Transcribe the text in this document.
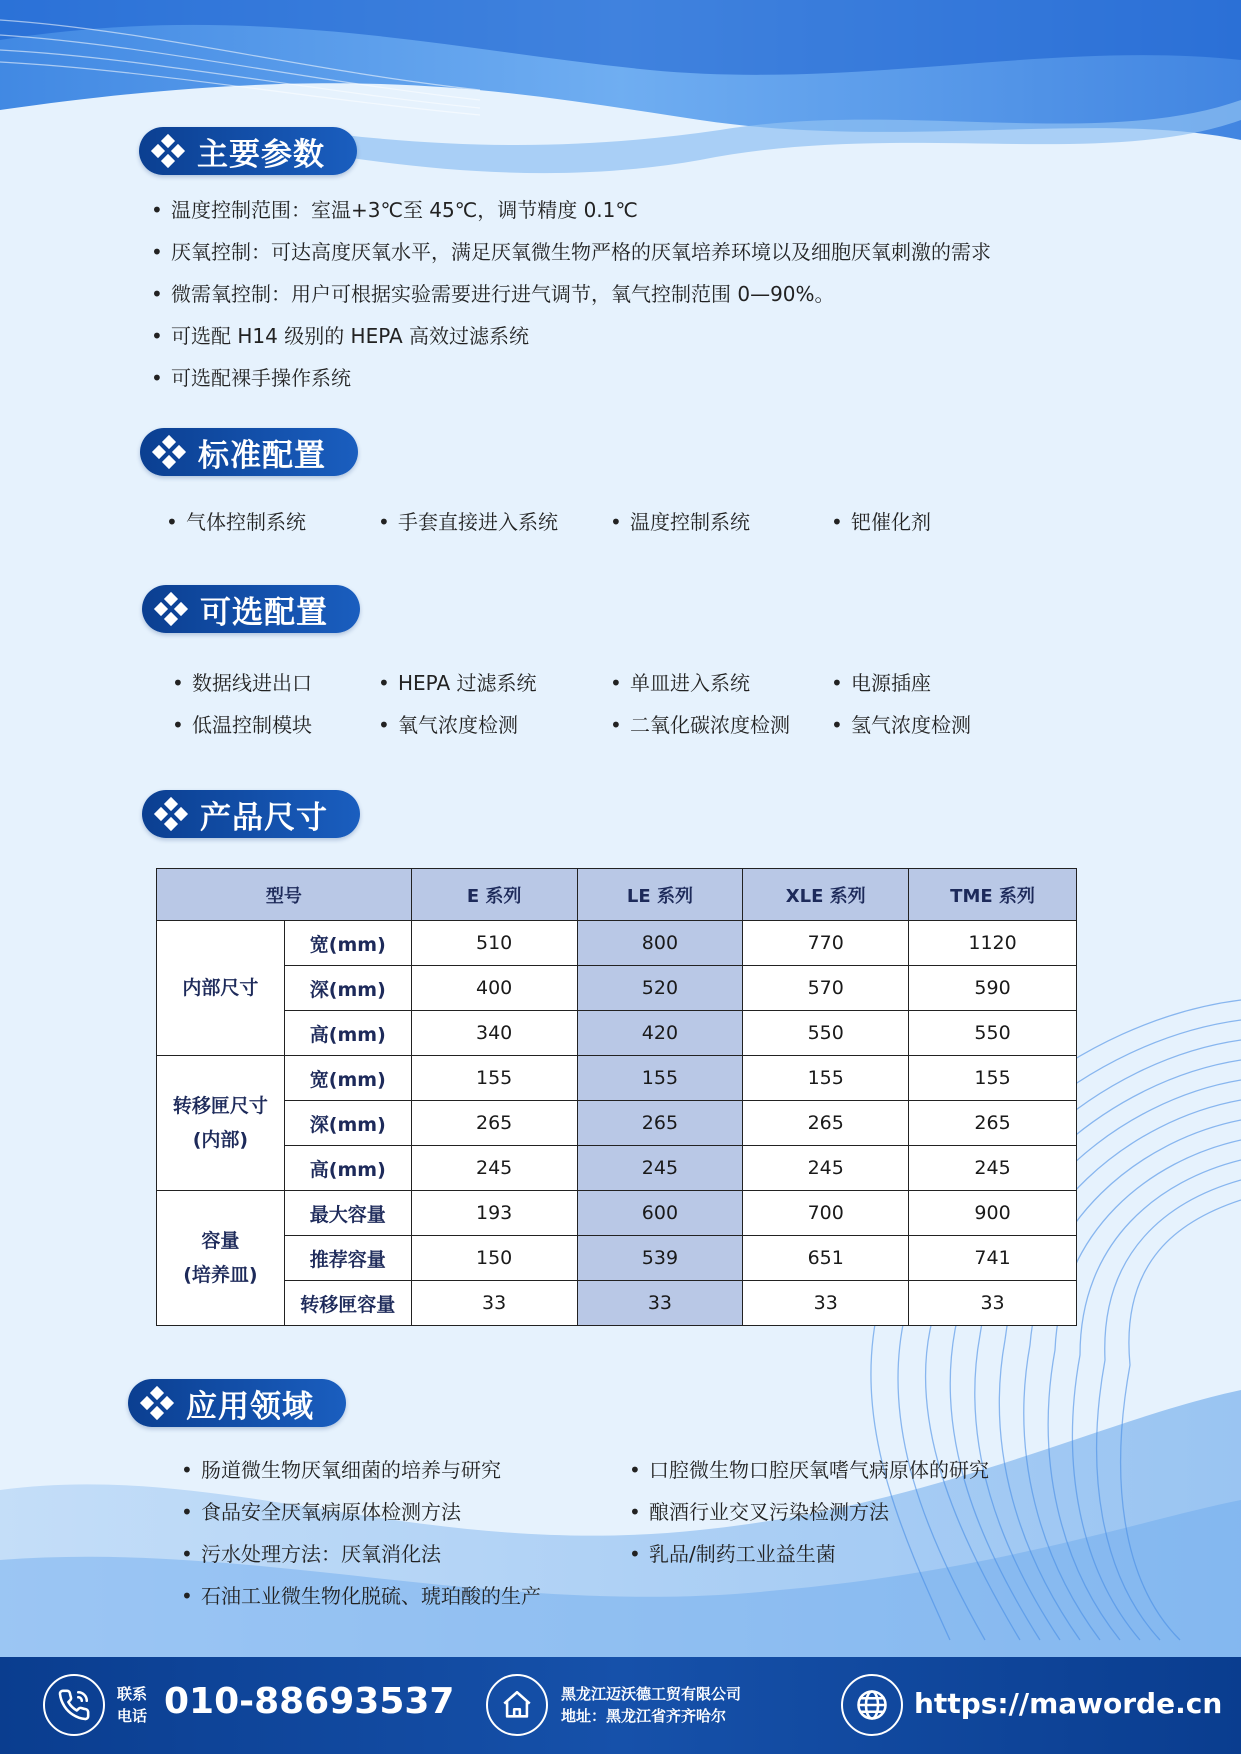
主要参数
• 温度控制范围：室温+3℃至 45℃，调节精度 0.1℃
• 厌氧控制：可达高度厌氧水平，满足厌氧微生物严格的厌氧培养环境以及细胞厌氧刺激的需求
• 微需氧控制：用户可根据实验需要进行进气调节，氧气控制范围 0—90%。
• 可选配 H14 级别的 HEPA 高效过滤系统
• 可选配裸手操作系统
标准配置
• 气体控制系统	• 手套直接进入系统	• 温度控制系统	• 钯催化剂
可选配置
• 数据线进出口	• HEPA 过滤系统	• 单皿进入系统	• 电源插座
• 低温控制模块	• 氧气浓度检测	• 二氧化碳浓度检测	• 氢气浓度检测
产品尺寸
型号		E 系列	LE 系列	XLE 系列	TME 系列
内部尺寸	宽(mm)	510	800	770	1120
	深(mm)	400	520	570	590
	高(mm)	340	420	550	550
转移匣尺寸
(内部)	宽(mm)	155	155	155	155
	深(mm)	265	265	265	265
	高(mm)	245	245	245	245
容量
(培养皿)	最大容量	193	600	700	900
	推荐容量	150	539	651	741
	转移匣容量	33	33	33	33
应用领域
• 肠道微生物厌氧细菌的培养与研究
• 食品安全厌氧病原体检测方法
• 污水处理方法：厌氧消化法
• 石油工业微生物化脱硫、琥珀酸的生产
• 口腔微生物口腔厌氧嗜气病原体的研究
• 酿酒行业交叉污染检测方法
• 乳品/制药工业益生菌
联系
电话 010-88693537	黑龙江迈沃德工贸有限公司
地址：黑龙江省齐齐哈尔	https://maworde.cn
